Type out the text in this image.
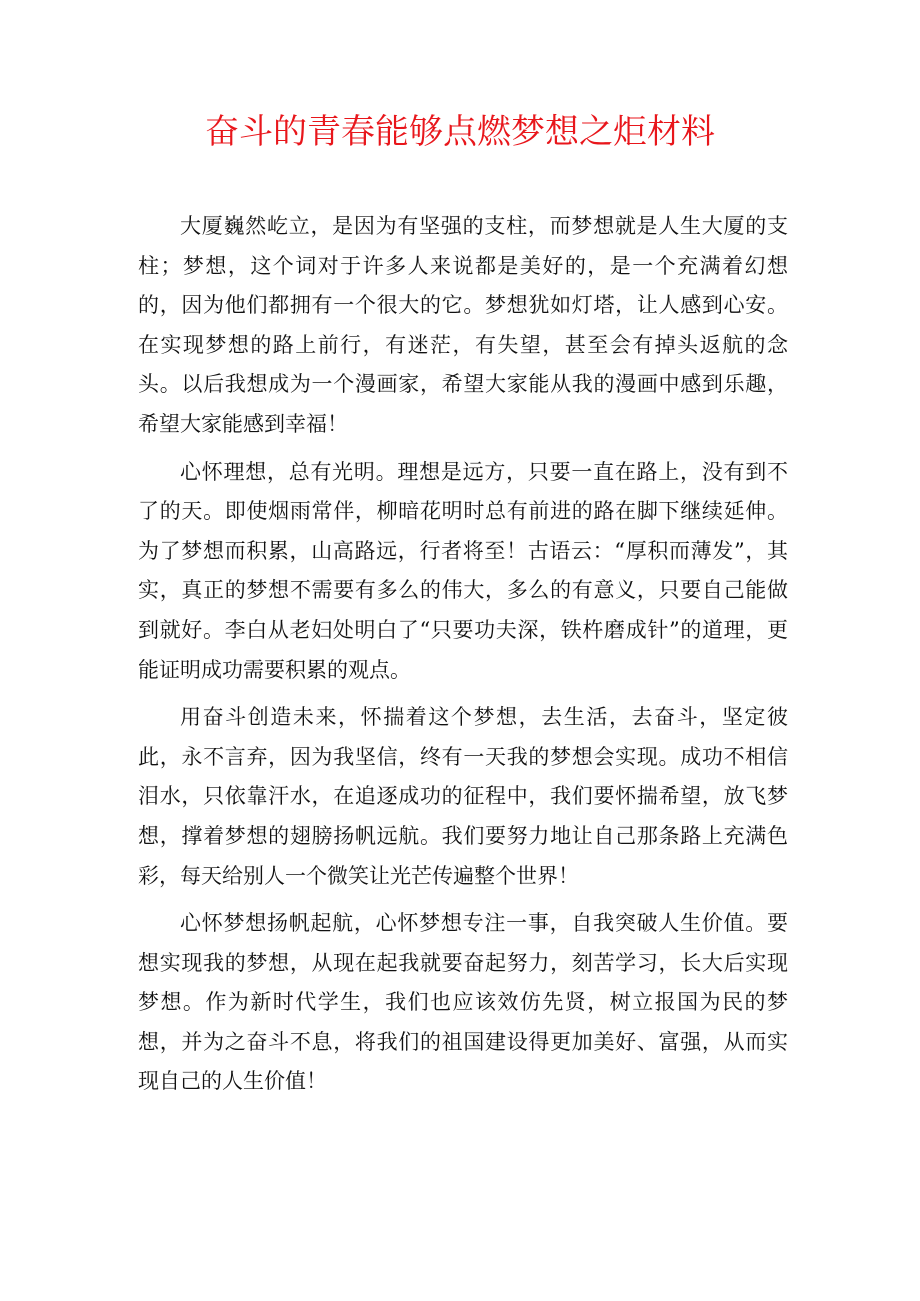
奋斗的青春能够点燃梦想之炬材料

大厦巍然屹立，是因为有坚强的支柱，而梦想就是人生大厦的支柱；梦想，这个词对于许多人来说都是美好的，是一个充满着幻想的，因为他们都拥有一个很大的它。梦想犹如灯塔，让人感到心安。在实现梦想的路上前行，有迷茫，有失望，甚至会有掉头返航的念头。以后我想成为一个漫画家，希望大家能从我的漫画中感到乐趣，希望大家能感到幸福！

心怀理想，总有光明。理想是远方，只要一直在路上，没有到不了的天。即使烟雨常伴，柳暗花明时总有前进的路在脚下继续延伸。为了梦想而积累，山高路远，行者将至！古语云：“厚积而薄发”，其实，真正的梦想不需要有多么的伟大，多么的有意义，只要自己能做到就好。李白从老妇处明白了“只要功夫深，铁杵磨成针”的道理，更能证明成功需要积累的观点。

用奋斗创造未来，怀揣着这个梦想，去生活，去奋斗，坚定彼此，永不言弃，因为我坚信，终有一天我的梦想会实现。成功不相信泪水，只依靠汗水，在追逐成功的征程中，我们要怀揣希望，放飞梦想，撑着梦想的翅膀扬帆远航。我们要努力地让自己那条路上充满色彩，每天给别人一个微笑让光芒传遍整个世界！

心怀梦想扬帆起航，心怀梦想专注一事，自我突破人生价值。要想实现我的梦想，从现在起我就要奋起努力，刻苦学习，长大后实现梦想。作为新时代学生，我们也应该效仿先贤，树立报国为民的梦想，并为之奋斗不息，将我们的祖国建设得更加美好、富强，从而实现自己的人生价值！
